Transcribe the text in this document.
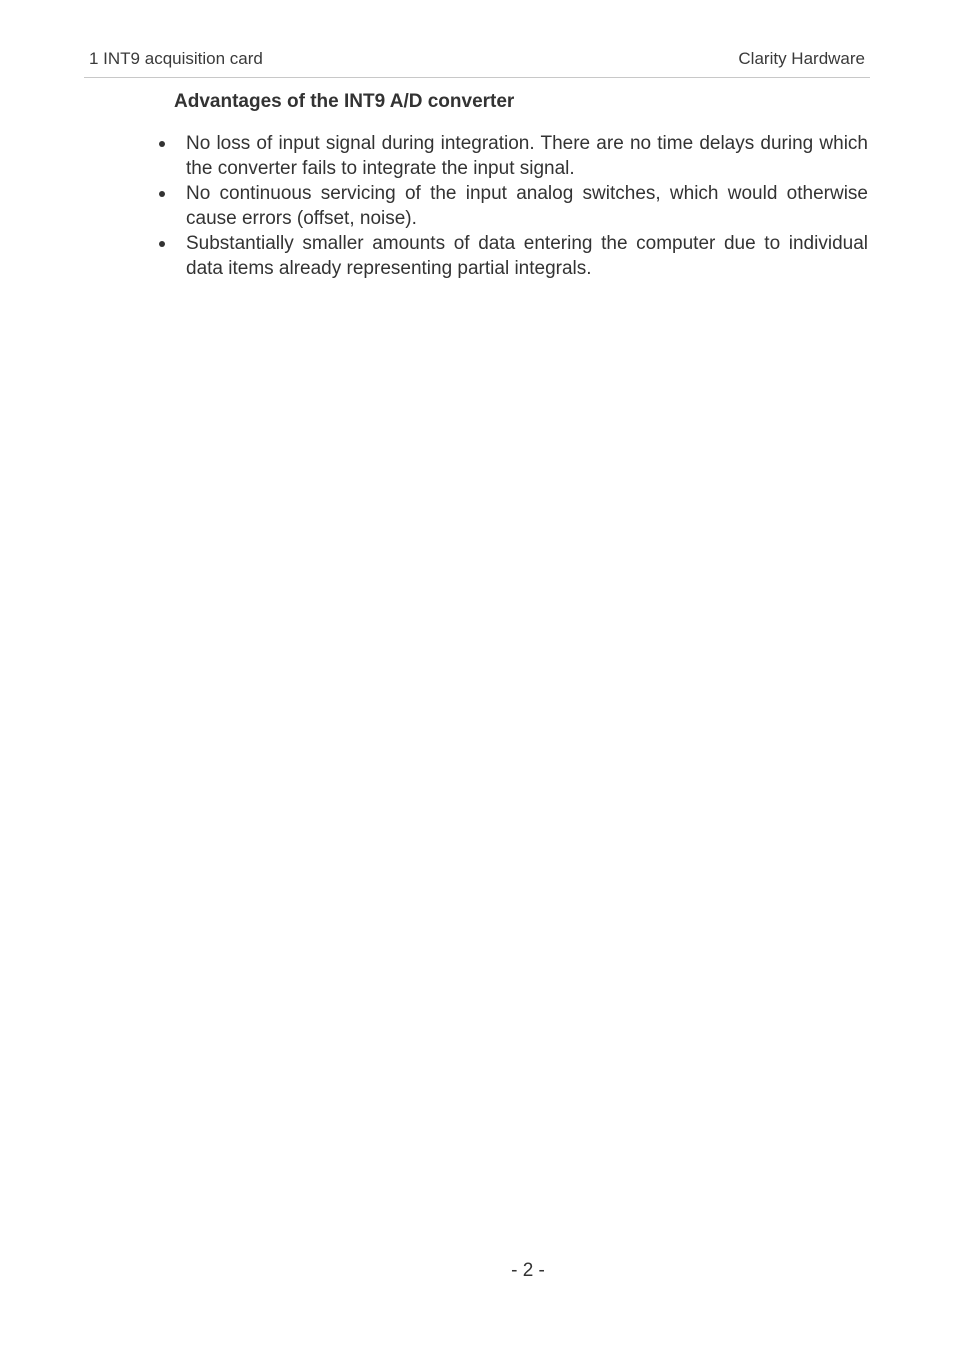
1 INT9 acquisition card	Clarity Hardware
Advantages of the INT9 A/D converter
No loss of input signal during integration. There are no time delays during which the converter fails to integrate the input signal.
No continuous servicing of the input analog switches, which would otherwise cause errors (offset, noise).
Substantially smaller amounts of data entering the computer due to individual data items already representing partial integrals.
- 2 -
